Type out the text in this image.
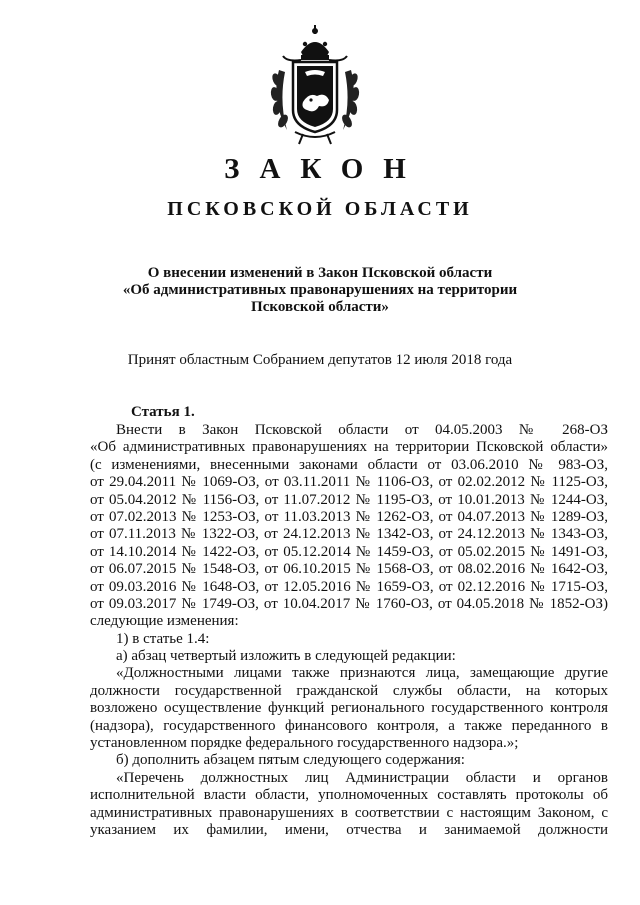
ЗАКОН
ПСКОВСКОЙ ОБЛАСТИ
О внесении изменений в Закон Псковской области
«Об административных правонарушениях на территории
Псковской области»
Принят областным Собранием депутатов 12 июля 2018 года
Статья 1.
Внести в Закон Псковской области от 04.05.2003 № 268-ОЗ
«Об административных правонарушениях на территории Псковской области»
(с изменениями, внесенными законами области от 03.06.2010 № 983-ОЗ,
от 29.04.2011 № 1069-ОЗ, от 03.11.2011 № 1106-ОЗ, от 02.02.2012 № 1125-ОЗ,
от 05.04.2012 № 1156-ОЗ, от 11.07.2012 № 1195-ОЗ, от 10.01.2013 № 1244-ОЗ,
от 07.02.2013 № 1253-ОЗ, от 11.03.2013 № 1262-ОЗ, от 04.07.2013 № 1289-ОЗ,
от 07.11.2013 № 1322-ОЗ, от 24.12.2013 № 1342-ОЗ, от 24.12.2013 № 1343-ОЗ,
от 14.10.2014 № 1422-ОЗ, от 05.12.2014 № 1459-ОЗ, от 05.02.2015 № 1491-ОЗ,
от 06.07.2015 № 1548-ОЗ, от 06.10.2015 № 1568-ОЗ, от 08.02.2016 № 1642-ОЗ,
от 09.03.2016 № 1648-ОЗ, от 12.05.2016 № 1659-ОЗ, от 02.12.2016 № 1715-ОЗ,
от 09.03.2017 № 1749-ОЗ, от 10.04.2017 № 1760-ОЗ, от 04.05.2018 № 1852-ОЗ)
следующие изменения:
1) в статье 1.4:
а) абзац четвертый изложить в следующей редакции:
«Должностными лицами также признаются лица, замещающие другие
должности государственной гражданской службы области, на которых
возложено осуществление функций регионального государственного контроля
(надзора), государственного финансового контроля, а также переданного в
установленном порядке федерального государственного надзора.»;
б) дополнить абзацем пятым следующего содержания:
«Перечень должностных лиц Администрации области и органов
исполнительной власти области, уполномоченных составлять протоколы об
административных правонарушениях в соответствии с настоящим Законом, с
указанием их фамилии, имени, отчества и занимаемой должности
